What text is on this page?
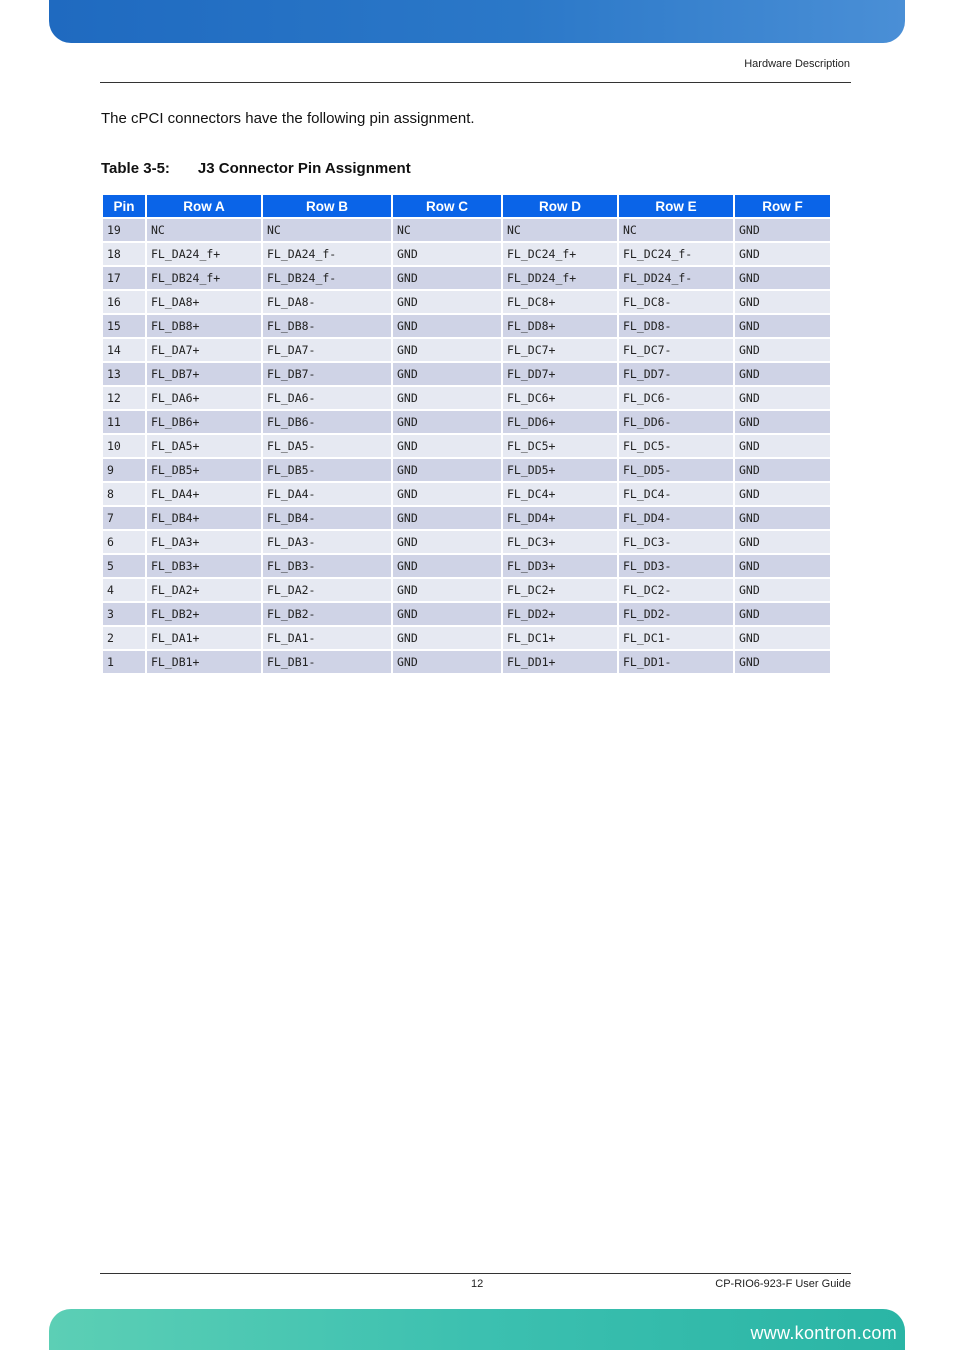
Hardware Description
The cPCI connectors have the following pin assignment.
Table 3-5: J3 Connector Pin Assignment
Pin	Row A	Row B	Row C	Row D	Row E	Row F
19	NC	NC	NC	NC	NC	GND
18	FL_DA24_f+	FL_DA24_f-	GND	FL_DC24_f+	FL_DC24_f-	GND
17	FL_DB24_f+	FL_DB24_f-	GND	FL_DD24_f+	FL_DD24_f-	GND
16	FL_DA8+	FL_DA8-	GND	FL_DC8+	FL_DC8-	GND
15	FL_DB8+	FL_DB8-	GND	FL_DD8+	FL_DD8-	GND
14	FL_DA7+	FL_DA7-	GND	FL_DC7+	FL_DC7-	GND
13	FL_DB7+	FL_DB7-	GND	FL_DD7+	FL_DD7-	GND
12	FL_DA6+	FL_DA6-	GND	FL_DC6+	FL_DC6-	GND
11	FL_DB6+	FL_DB6-	GND	FL_DD6+	FL_DD6-	GND
10	FL_DA5+	FL_DA5-	GND	FL_DC5+	FL_DC5-	GND
9	FL_DB5+	FL_DB5-	GND	FL_DD5+	FL_DD5-	GND
8	FL_DA4+	FL_DA4-	GND	FL_DC4+	FL_DC4-	GND
7	FL_DB4+	FL_DB4-	GND	FL_DD4+	FL_DD4-	GND
6	FL_DA3+	FL_DA3-	GND	FL_DC3+	FL_DC3-	GND
5	FL_DB3+	FL_DB3-	GND	FL_DD3+	FL_DD3-	GND
4	FL_DA2+	FL_DA2-	GND	FL_DC2+	FL_DC2-	GND
3	FL_DB2+	FL_DB2-	GND	FL_DD2+	FL_DD2-	GND
2	FL_DA1+	FL_DA1-	GND	FL_DC1+	FL_DC1-	GND
1	FL_DB1+	FL_DB1-	GND	FL_DD1+	FL_DD1-	GND
12	CP-RIO6-923-F User Guide
www.kontron.com
